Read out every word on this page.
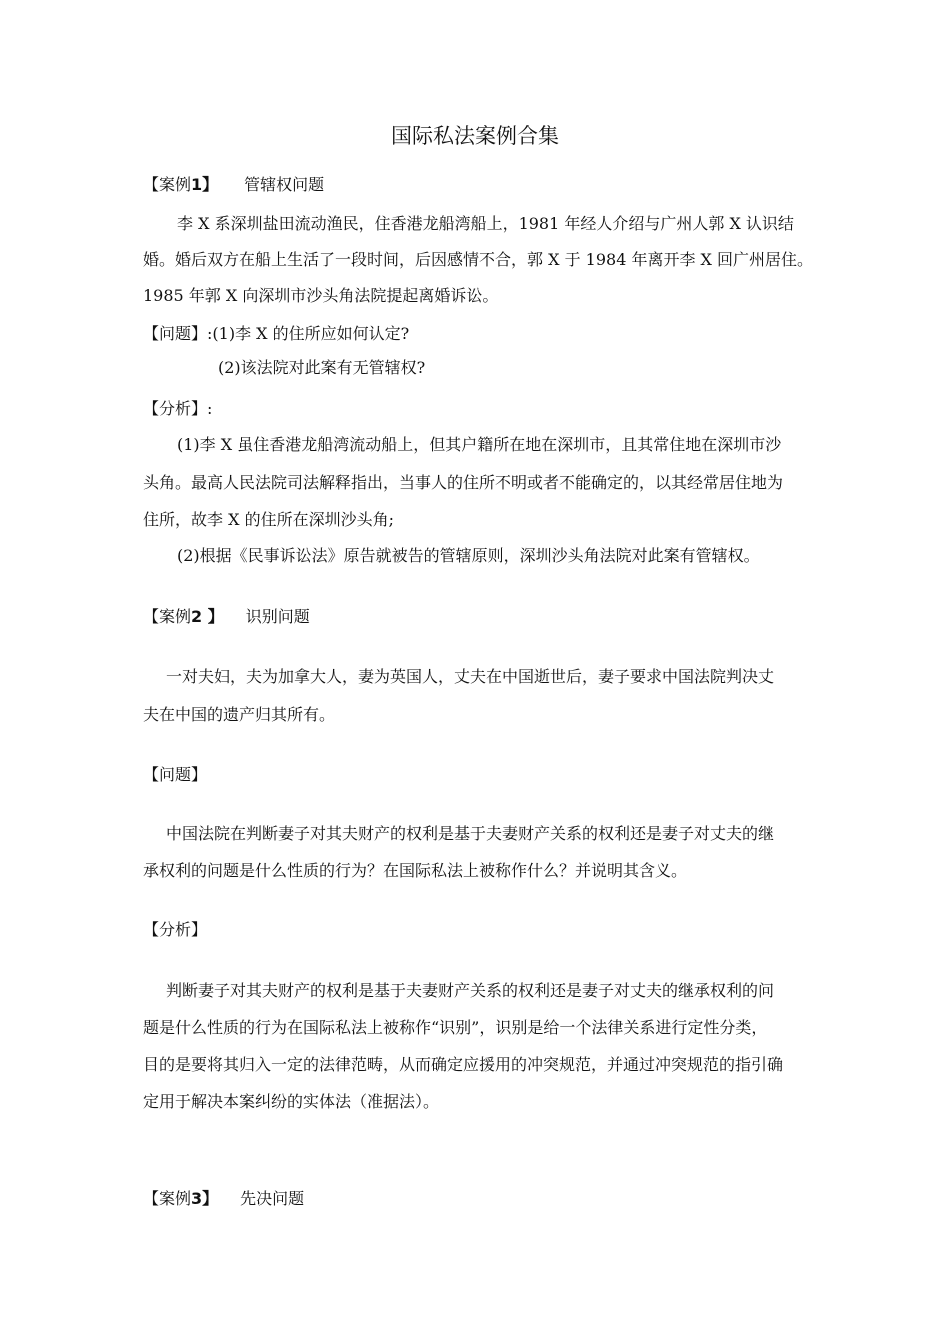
国际私法案例合集
【案例1】 管辖权问题
李 X 系深圳盐田流动渔民，住香港龙船湾船上，1981 年经人介绍与广州人郭 X 认识结
婚。婚后双方在船上生活了一段时间，后因感情不合，郭 X 于 1984 年离开李 X 回广州居住。
1985 年郭 X 向深圳市沙头角法院提起离婚诉讼。
【问题】:(1)李 X 的住所应如何认定?
(2)该法院对此案有无管辖权?
【分析】:
(1)李 X 虽住香港龙船湾流动船上，但其户籍所在地在深圳市，且其常住地在深圳市沙
头角。最高人民法院司法解释指出，当事人的住所不明或者不能确定的，以其经常居住地为
住所，故李 X 的住所在深圳沙头角;
(2)根据《民事诉讼法》原告就被告的管辖原则，深圳沙头角法院对此案有管辖权。
【案例2 】 识别问题
一对夫妇，夫为加拿大人，妻为英国人，丈夫在中国逝世后，妻子要求中国法院判决丈
夫在中国的遗产归其所有。
【问题】
中国法院在判断妻子对其夫财产的权利是基于夫妻财产关系的权利还是妻子对丈夫的继
承权利的问题是什么性质的行为？在国际私法上被称作什么？并说明其含义。
【分析】
判断妻子对其夫财产的权利是基于夫妻财产关系的权利还是妻子对丈夫的继承权利的问
题是什么性质的行为在国际私法上被称作“识别”，识别是给一个法律关系进行定性分类，
目的是要将其归入一定的法律范畴，从而确定应援用的冲突规范，并通过冲突规范的指引确
定用于解决本案纠纷的实体法（准据法）。
【案例3】 先决问题
